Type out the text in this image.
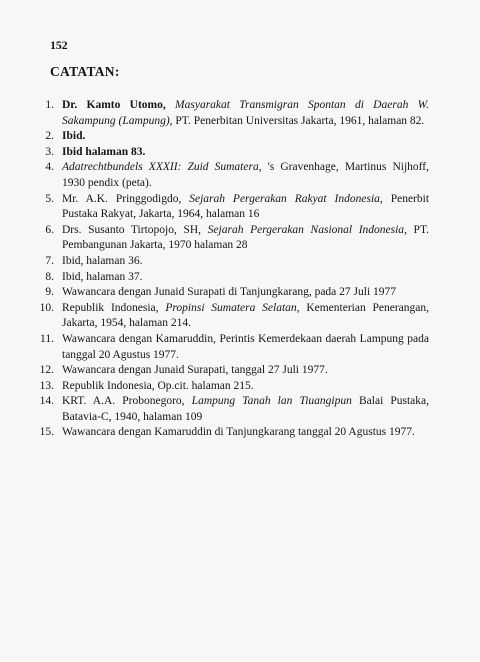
152
CATATAN:
1. Dr. Kamto Utomo, Masyarakat Transmigran Spontan di Daerah W. Sakampung (Lampung), PT. Penerbitan Universitas Jakarta, 1961, halaman 82.
2. Ibid.
3. Ibid halaman 83.
4. Adatrechtbundels XXXII: Zuid Sumatera, 's Gravenhage, Martinus Nijhoff, 1930 pendix (peta).
5. Mr. A.K. Pringgodigdo, Sejarah Pergerakan Rakyat Indonesia, Penerbit Pustaka Rakyat, Jakarta, 1964, halaman 16
6. Drs. Susanto Tirtopojo, SH, Sejarah Pergerakan Nasional Indonesia, PT. Pembangunan Jakarta, 1970 halaman 28
7. Ibid, halaman 36.
8. Ibid, halaman 37.
9. Wawancara dengan Junaid Surapati di Tanjungkarang, pada 27 Juli 1977
10. Republik Indonesia, Propinsi Sumatera Selatan, Kementerian Penerangan, Jakarta, 1954, halaman 214.
11. Wawancara dengan Kamaruddin, Perintis Kemerdekaan daerah Lampung pada tanggal 20 Agustus 1977.
12. Wawancara dengan Junaid Surapati, tanggal 27 Juli 1977.
13. Republik Indonesia, Op.cit. halaman 215.
14. KRT. A.A. Probonegoro, Lampung Tanah lan Tiuangipun Balai Pustaka, Batavia-C, 1940, halaman 109
15. Wawancara dengan Kamaruddin di Tanjungkarang tanggal 20 Agustus 1977.
